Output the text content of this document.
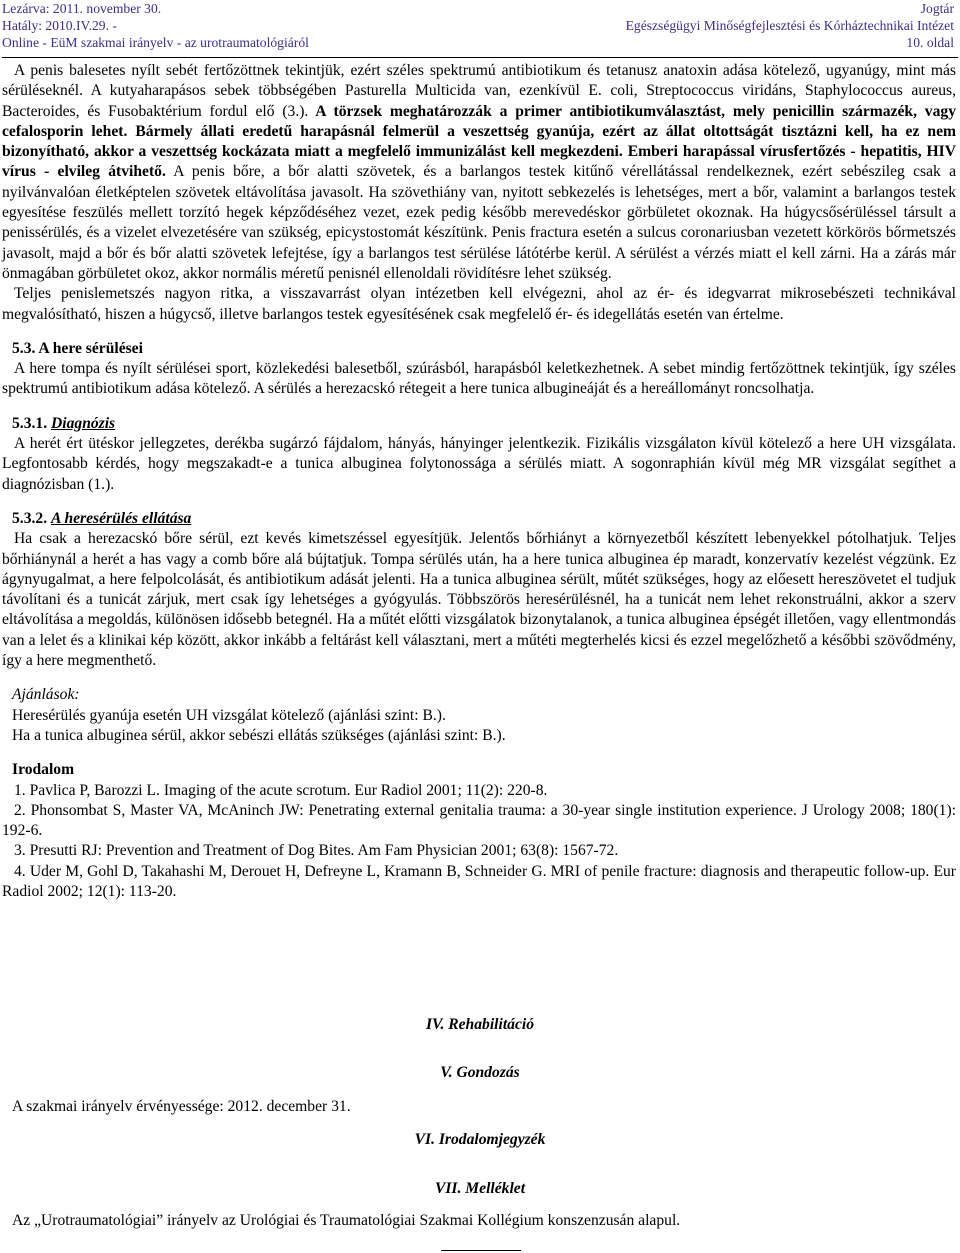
Lezárva: 2011. november 30.
Hatály: 2010.IV.29. -
Online - EüM szakmai irányelv - az urotraumatológiáról
Jogtár
Egészségügyi Minőségfejlesztési és Kórháztechnikai Intézet
10. oldal

A penis balesetes nyílt sebét fertőzöttnek tekintjük, ezért széles spektrumú antibiotikum és tetanusz anatoxin adása kötelező, ugyanúgy, mint más sérüléseknél. A kutyaharapásos sebek többségében Pasturella Multicida van, ezenkívül E. coli, Streptococcus viridáns, Staphylococcus aureus, Bacteroides, és Fusobaktérium fordul elő (3.). A törzsek meghatározzák a primer antibiotikumválasztást, mely penicillin származék, vagy cefalosporin lehet. Bármely állati eredetű harapásnál felmerül a veszettség gyanúja, ezért az állat oltottságát tisztázni kell, ha ez nem bizonyítható, akkor a veszettség kockázata miatt a megfelelő immunizálást kell megkezdeni. Emberi harapással vírusfertőzés - hepatitis, HIV vírus - elvileg átvihető. A penis bőre, a bőr alatti szövetek, és a barlangos testek kitűnő vérellátással rendelkeznek, ezért sebészileg csak a nyilvánvalóan életképtelen szövetek eltávolítása javasolt. Ha szövethiány van, nyitott sebkezelés is lehetséges, mert a bőr, valamint a barlangos testek egyesítése feszülés mellett torzító hegek képződéséhez vezet, ezek pedig később merevedéskor görbületet okoznak. Ha húgycsősérüléssel társult a penissérülés, és a vizelet elvezetésére van szükség, epicystostomát készítünk. Penis fractura esetén a sulcus coronariusban vezetett körkörös bőrmetszés javasolt, majd a bőr és bőr alatti szövetek lefejtése, így a barlangos test sérülése látótérbe kerül. A sérülést a vérzés miatt el kell zárni. Ha a zárás már önmagában görbületet okoz, akkor normális méretű penisnél ellenoldali rövidítésre lehet szükség.

Teljes penislemetszés nagyon ritka, a visszavarrást olyan intézetben kell elvégezni, ahol az ér- és idegvarrat mikrosebészeti technikával megvalósítható, hiszen a húgycső, illetve barlangos testek egyesítésének csak megfelelő ér- és idegellátás esetén van értelme.

5.3. A here sérülései

A here tompa és nyílt sérülései sport, közlekedési balesetből, szúrásból, harapásból keletkezhetnek. A sebet mindig fertőzöttnek tekintjük, így széles spektrumú antibiotikum adása kötelező. A sérülés a herezacskó rétegeit a here tunica albugineáját és a hereállományt roncsolhatja.

5.3.1. Diagnózis

A herét ért ütéskor jellegzetes, derékba sugárzó fájdalom, hányás, hányinger jelentkezik. Fizikális vizsgálaton kívül kötelező a here UH vizsgálata. Legfontosabb kérdés, hogy megszakadt-e a tunica albuginea folytonossága a sérülés miatt. A sogonraphián kívül még MR vizsgálat segíthet a diagnózisban (1.).

5.3.2. A heresérülés ellátása

Ha csak a herezacskó bőre sérül, ezt kevés kimetszéssel egyesítjük. Jelentős bőrhiányt a környezetből készített lebenyekkel pótolhatjuk. Teljes bőrhiánynál a herét a has vagy a comb bőre alá bújtatjuk. Tompa sérülés után, ha a here tunica albuginea ép maradt, konzervatív kezelést végzünk. Ez ágynyugalmat, a here felpolcolását, és antibiotikum adását jelenti. Ha a tunica albuginea sérült, műtét szükséges, hogy az előesett hereszövetet el tudjuk távolítani és a tunicát zárjuk, mert csak így lehetséges a gyógyulás. Többszörös heresérülésnél, ha a tunicát nem lehet rekonstruálni, akkor a szerv eltávolítása a megoldás, különösen idősebb betegnél. Ha a műtét előtti vizsgálatok bizonytalanok, a tunica albuginea épségét illetően, vagy ellentmondás van a lelet és a klinikai kép között, akkor inkább a feltárást kell választani, mert a műtéti megterhelés kicsi és ezzel megelőzhető a későbbi szövődmény, így a here megmenthető.

Ajánlások:

Heresérülés gyanúja esetén UH vizsgálat kötelező (ajánlási szint: B.).

Ha a tunica albuginea sérül, akkor sebészi ellátás szükséges (ajánlási szint: B.).

Irodalom

1. Pavlica P, Barozzi L. Imaging of the acute scrotum. Eur Radiol 2001; 11(2): 220-8.

2. Phonsombat S, Master VA, McAninch JW: Penetrating external genitalia trauma: a 30-year single institution experience. J Urology 2008; 180(1): 192-6.

3. Presutti RJ: Prevention and Treatment of Dog Bites. Am Fam Physician 2001; 63(8): 1567-72.

4. Uder M, Gohl D, Takahashi M, Derouet H, Defreyne L, Kramann B, Schneider G. MRI of penile fracture: diagnosis and therapeutic follow-up. Eur Radiol 2002; 12(1): 113-20.

IV. Rehabilitáció
V. Gondozás
A szakmai irányelv érvényessége: 2012. december 31.
VI. Irodalomjegyzék
VII. Melléklet
Az „Urotraumatológiai” irányelv az Urológiai és Traumatológiai Szakmai Kollégium konszenzusán alapul.
